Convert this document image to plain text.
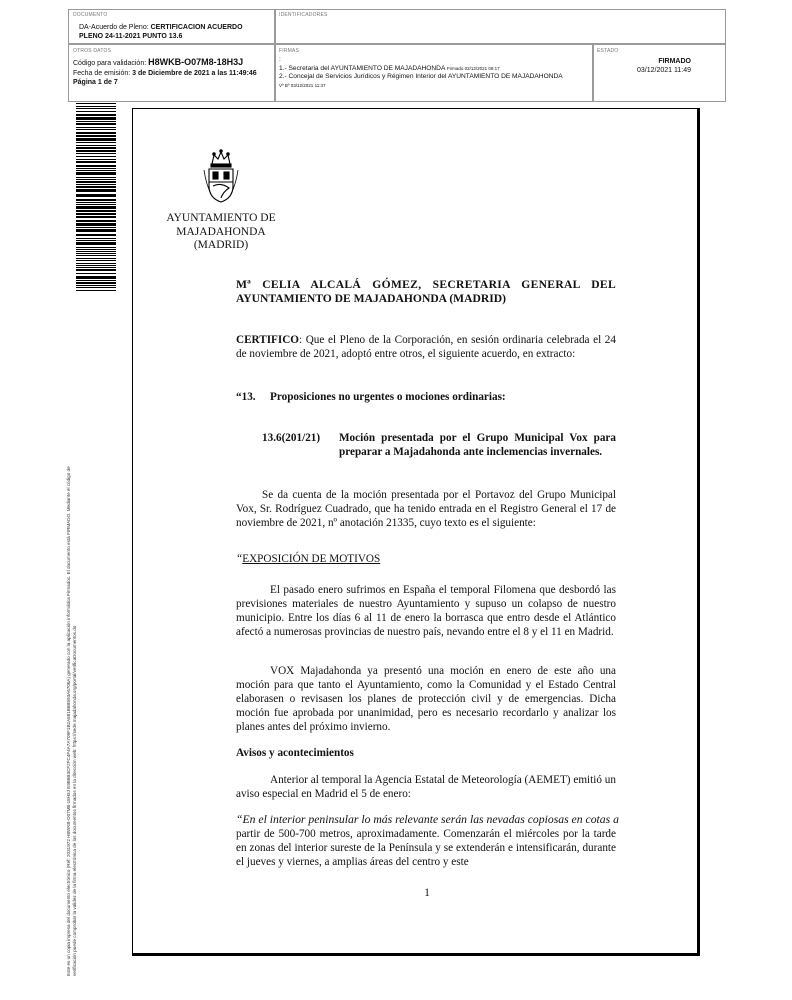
DOCUMENTO
DA-Acuerdo de Pleno: CERTIFICACION ACUERDO
PLENO 24-11-2021 PUNTO 13.6
IDENTIFICADORES
OTROS DATOS
Código para validación: H8WKB-O07M8-18H3J
Fecha de emisión: 3 de Diciembre de 2021 a las 11:49:46
Página 1 de 7
FIRMAS
:
1.- Secretaria del AYUNTAMIENTO DE MAJADAHONDA Firmado 02/12/2021 09:17
2.- Concejal de Servicios Jurídicos y Régimen Interior del AYUNTAMIENTO DE MAJADAHONDA
Vº Bº 03/12/2021 11:37
ESTADO
FIRMADO
03/12/2021 11:49
Este es un copia impresa del documento electrónico (Ref: 2031972 H8WKB-O07M8-18H3J E9B6B3CF2FC4F4A7A709F1B2A581B6B593A6706A) generado con la aplicación informática Firmadoc. El documento está FIRMADO. Mediante el código de verificación puede comprobar la validez de la firma electrónica de los documentos firmados en la dirección web: https://sede.majadahonda.org/portal/verificaDocumentos.do
AYUNTAMIENTO DE
MAJADAHONDA
(MADRID)
Mª CELIA ALCALÁ GÓMEZ, SECRETARIA GENERAL DEL
AYUNTAMIENTO DE MAJADAHONDA (MADRID)
CERTIFICO: Que el Pleno de la Corporación, en sesión ordinaria celebrada el 24 de noviembre de 2021, adoptó entre otros, el siguiente acuerdo, en extracto:
“13. Proposiciones no urgentes o mociones ordinarias:
13.6(201/21) Moción presentada por el Grupo Municipal Vox para preparar a Majadahonda ante inclemencias invernales.
Se da cuenta de la moción presentada por el Portavoz del Grupo Municipal Vox, Sr. Rodríguez Cuadrado, que ha tenido entrada en el Registro General el 17 de noviembre de 2021, nº anotación 21335, cuyo texto es el siguiente:
“EXPOSICIÓN DE MOTIVOS
El pasado enero sufrimos en España el temporal Filomena que desbordó las previsiones materiales de nuestro Ayuntamiento y supuso un colapso de nuestro municipio. Entre los días 6 al 11 de enero la borrasca que entro desde el Atlántico afectó a numerosas provincias de nuestro país, nevando entre el 8 y el 11 en Madrid.
VOX Majadahonda ya presentó una moción en enero de este año una moción para que tanto el Ayuntamiento, como la Comunidad y el Estado Central elaborasen o revisasen los planes de protección civil y de emergencias. Dicha moción fue aprobada por unanimidad, pero es necesario recordarlo y analizar los planes antes del próximo invierno.
Avisos y acontecimientos
Anterior al temporal la Agencia Estatal de Meteorología (AEMET) emitió un aviso especial en Madrid el 5 de enero:
“En el interior peninsular lo más relevante serán las nevadas copiosas en cotas a
partir de 500-700 metros, aproximadamente. Comenzarán el miércoles por la tarde en zonas del interior sureste de la Península y se extenderán e intensificarán, durante el jueves y viernes, a amplias áreas del centro y este
1
